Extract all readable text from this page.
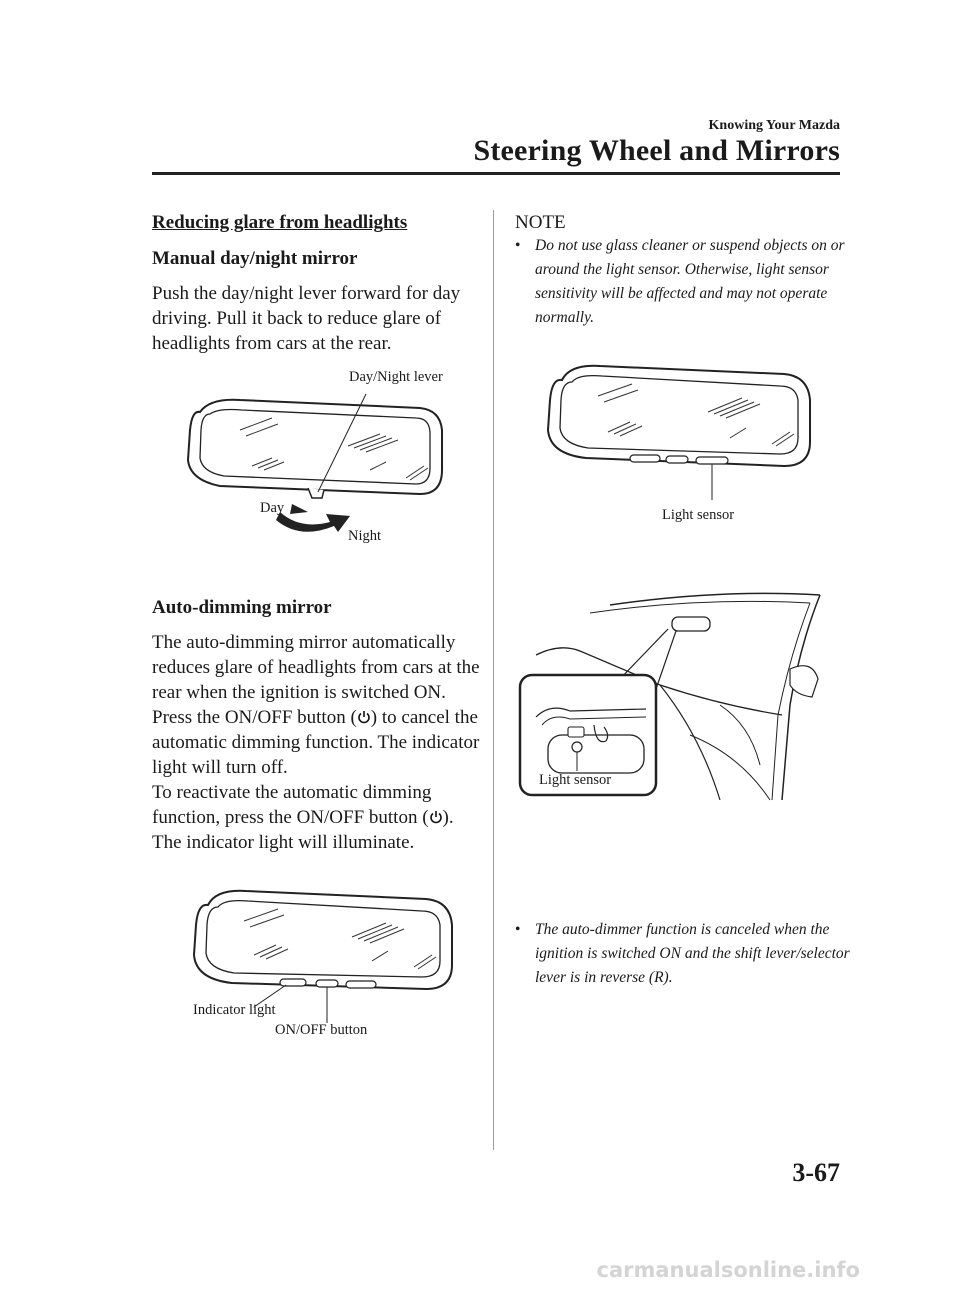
Knowing Your Mazda
Steering Wheel and Mirrors
Reducing glare from headlights
Manual day/night mirror
Push the day/night lever forward for day driving. Pull it back to reduce glare of headlights from cars at the rear.
Day/Night lever
Day
Night
Auto-dimming mirror
The auto-dimming mirror automatically reduces glare of headlights from cars at the rear when the ignition is switched ON.
Press the ON/OFF button ( ) to cancel the automatic dimming function. The indicator light will turn off.
To reactivate the automatic dimming function, press the ON/OFF button ( ).
The indicator light will illuminate.
Indicator light
ON/OFF button
NOTE
• Do not use glass cleaner or suspend objects on or around the light sensor. Otherwise, light sensor sensitivity will be affected and may not operate normally.
Light sensor
Light sensor
• The auto-dimmer function is canceled when the ignition is switched ON and the shift lever/selector lever is in reverse (R).
3-67
carmanualsonline.info
